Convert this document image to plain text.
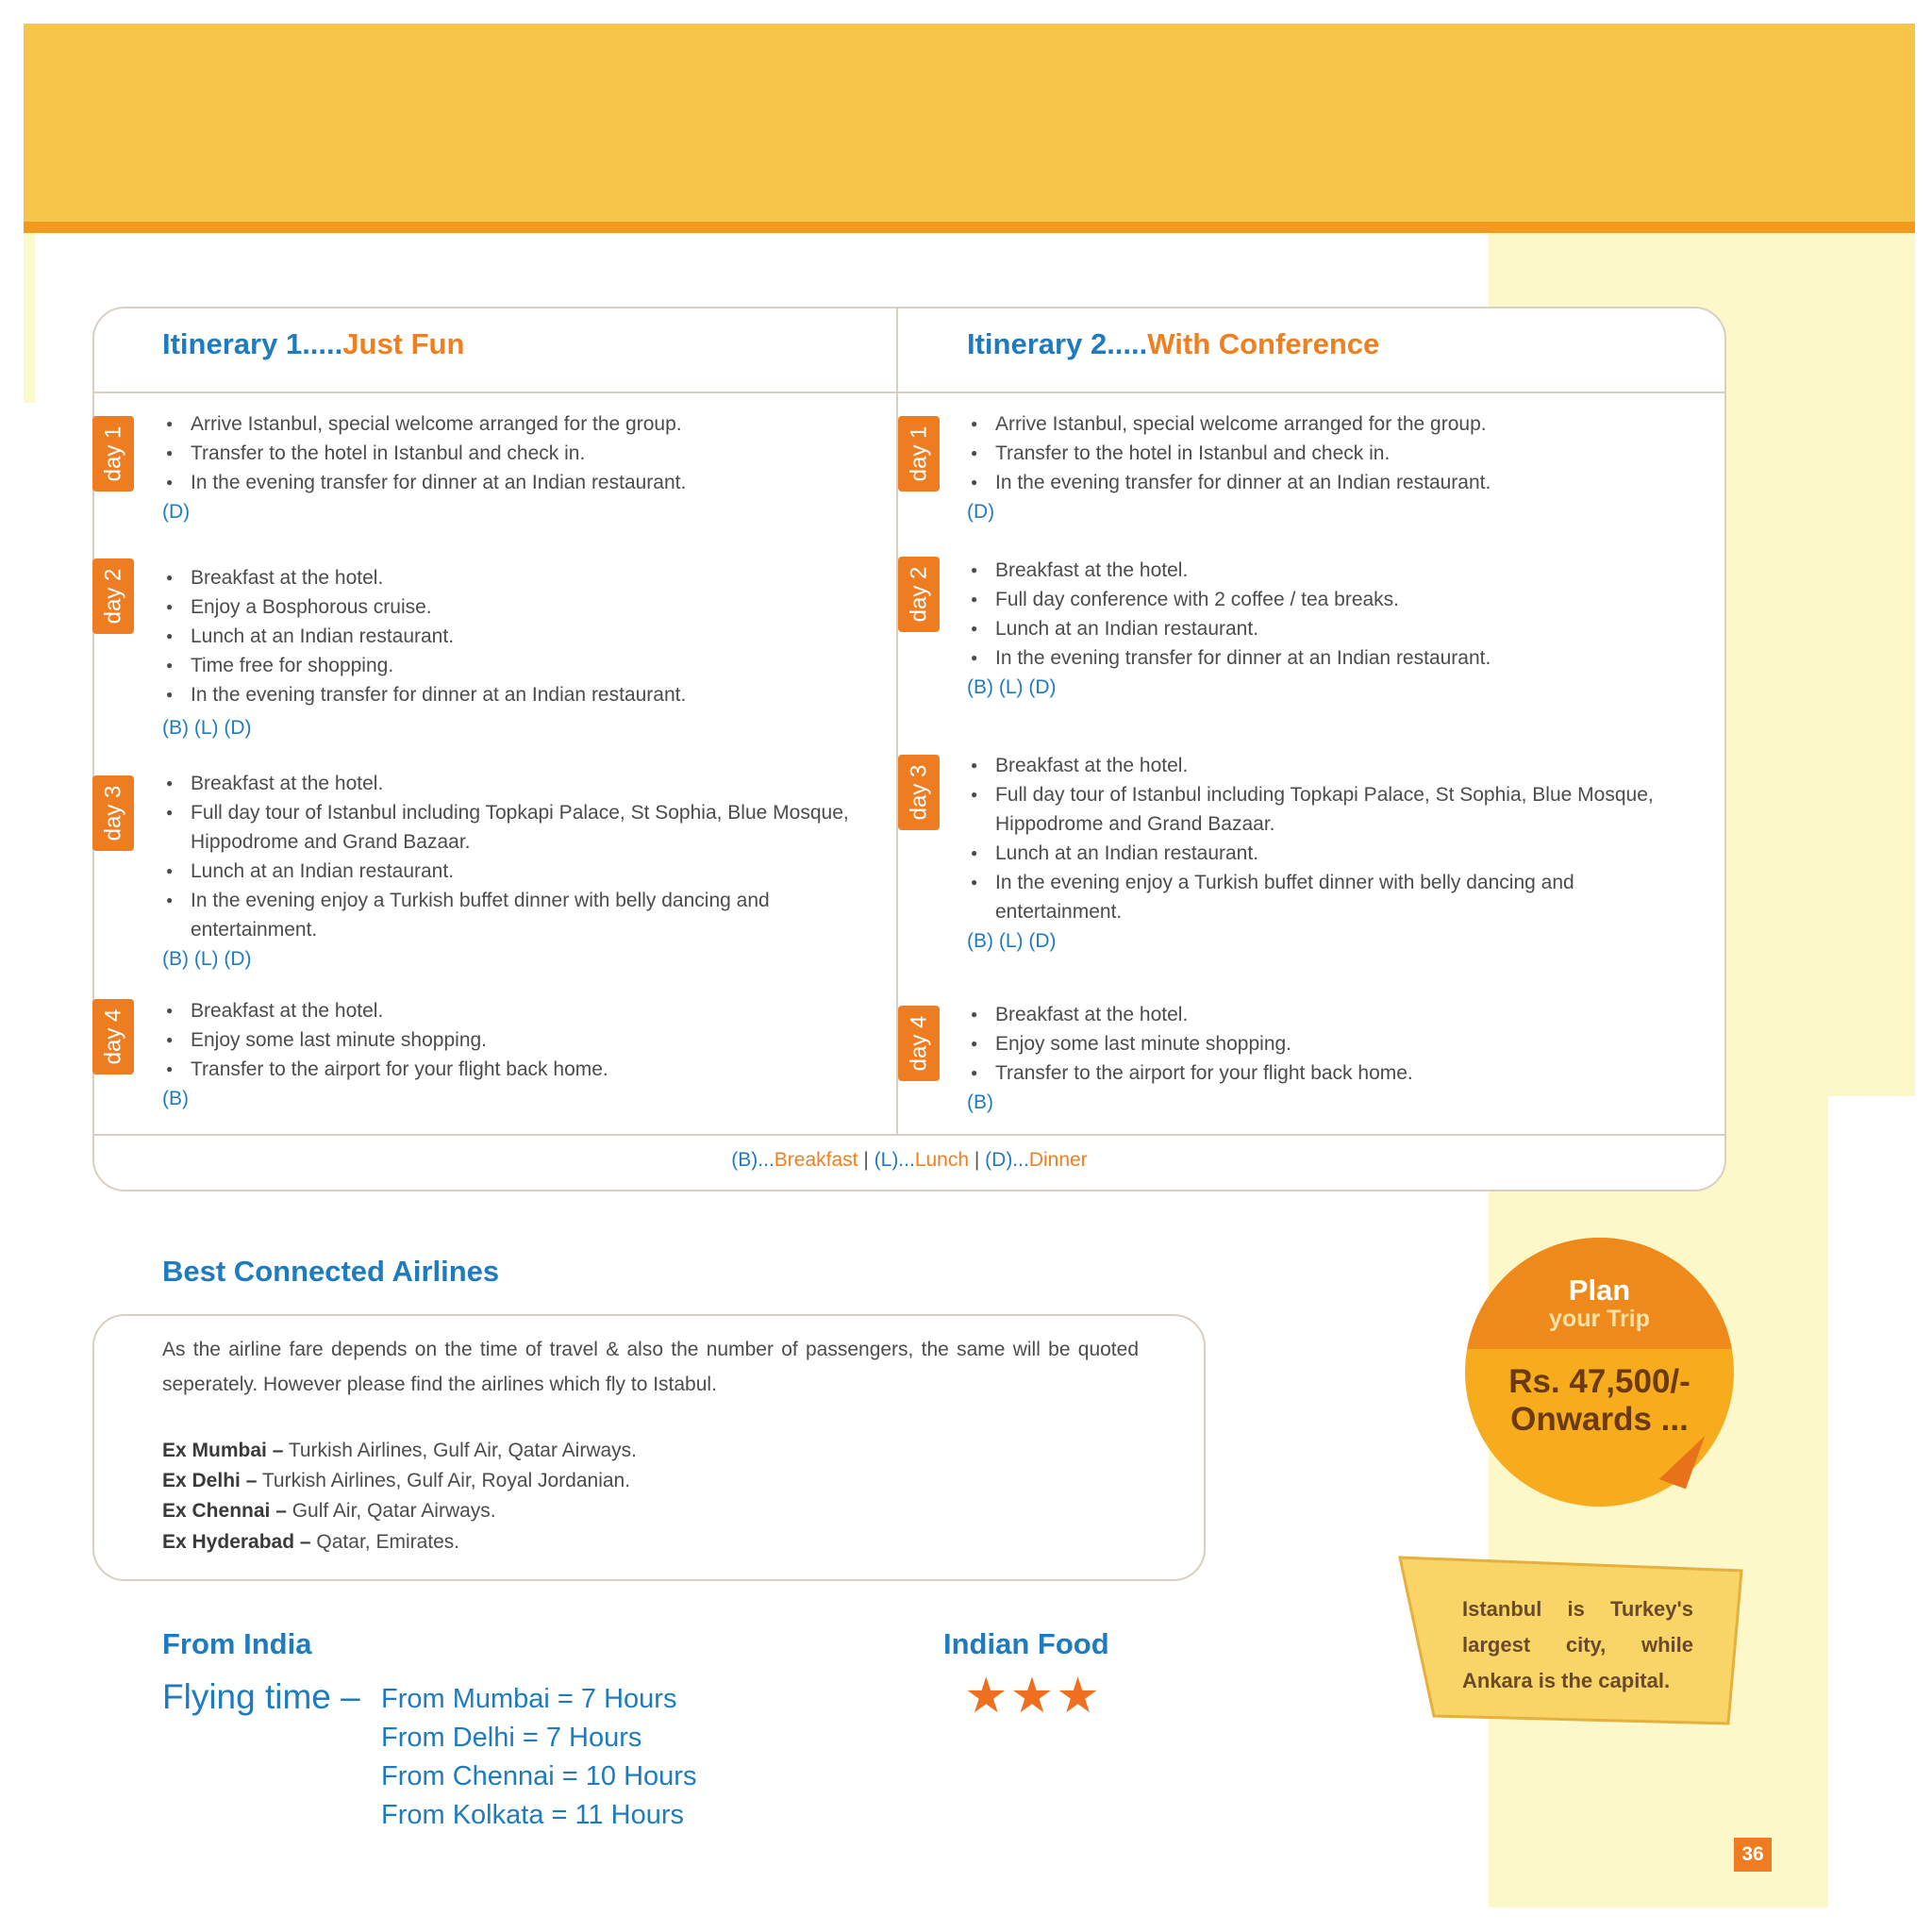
Itinerary 1.....Just Fun	Itinerary 2.....With Conference
day 1
day 2
day 3
day 4
● Arrive Istanbul, special welcome arranged for the group.
● Transfer to the hotel in Istanbul and check in.
● In the evening transfer for dinner at an Indian restaurant.
(D)
● Breakfast at the hotel.
● Enjoy a Bosphorous cruise.
● Lunch at an Indian restaurant.
● Time free for shopping.
● In the evening transfer for dinner at an Indian restaurant.
(B) (L) (D)
● Breakfast at the hotel.
● Full day tour of Istanbul including Topkapi Palace, St Sophia, Blue Mosque, Hippodrome and Grand Bazaar.
● Lunch at an Indian restaurant.
● In the evening enjoy a Turkish buffet dinner with belly dancing and entertainment.
(B) (L) (D)
● Breakfast at the hotel.
● Enjoy some last minute shopping.
● Transfer to the airport for your flight back home.
(B)
day 1
day 2
day 3
day 4
● Arrive Istanbul, special welcome arranged for the group.
● Transfer to the hotel in Istanbul and check in.
● In the evening transfer for dinner at an Indian restaurant.
(D)
● Breakfast at the hotel.
● Full day conference with 2 coffee / tea breaks.
● Lunch at an Indian restaurant.
● In the evening transfer for dinner at an Indian restaurant.
(B) (L) (D)
● Breakfast at the hotel.
● Full day tour of Istanbul including Topkapi Palace, St Sophia, Blue Mosque, Hippodrome and Grand Bazaar.
● Lunch at an Indian restaurant.
● In the evening enjoy a Turkish buffet dinner with belly dancing and entertainment.
(B) (L) (D)
● Breakfast at the hotel.
● Enjoy some last minute shopping.
● Transfer to the airport for your flight back home.
(B)
(B)...Breakfast | (L)...Lunch | (D)...Dinner
Best Connected Airlines
As the airline fare depends on the time of travel & also the number of passengers, the same will be quoted seperately. However please find the airlines which fly to Istabul.
Ex Mumbai – Turkish Airlines, Gulf Air, Qatar Airways.
Ex Delhi – Turkish Airlines, Gulf Air, Royal Jordanian.
Ex Chennai – Gulf Air, Qatar Airways.
Ex Hyderabad – Qatar, Emirates.
From India
Flying time – From Mumbai = 7 Hours
From Delhi = 7 Hours
From Chennai = 10 Hours
From Kolkata = 11 Hours
Indian Food
★★★
Plan
your Trip
Rs. 47,500/-
Onwards ...
Istanbul is Turkey's largest city, while Ankara is the capital.
36
